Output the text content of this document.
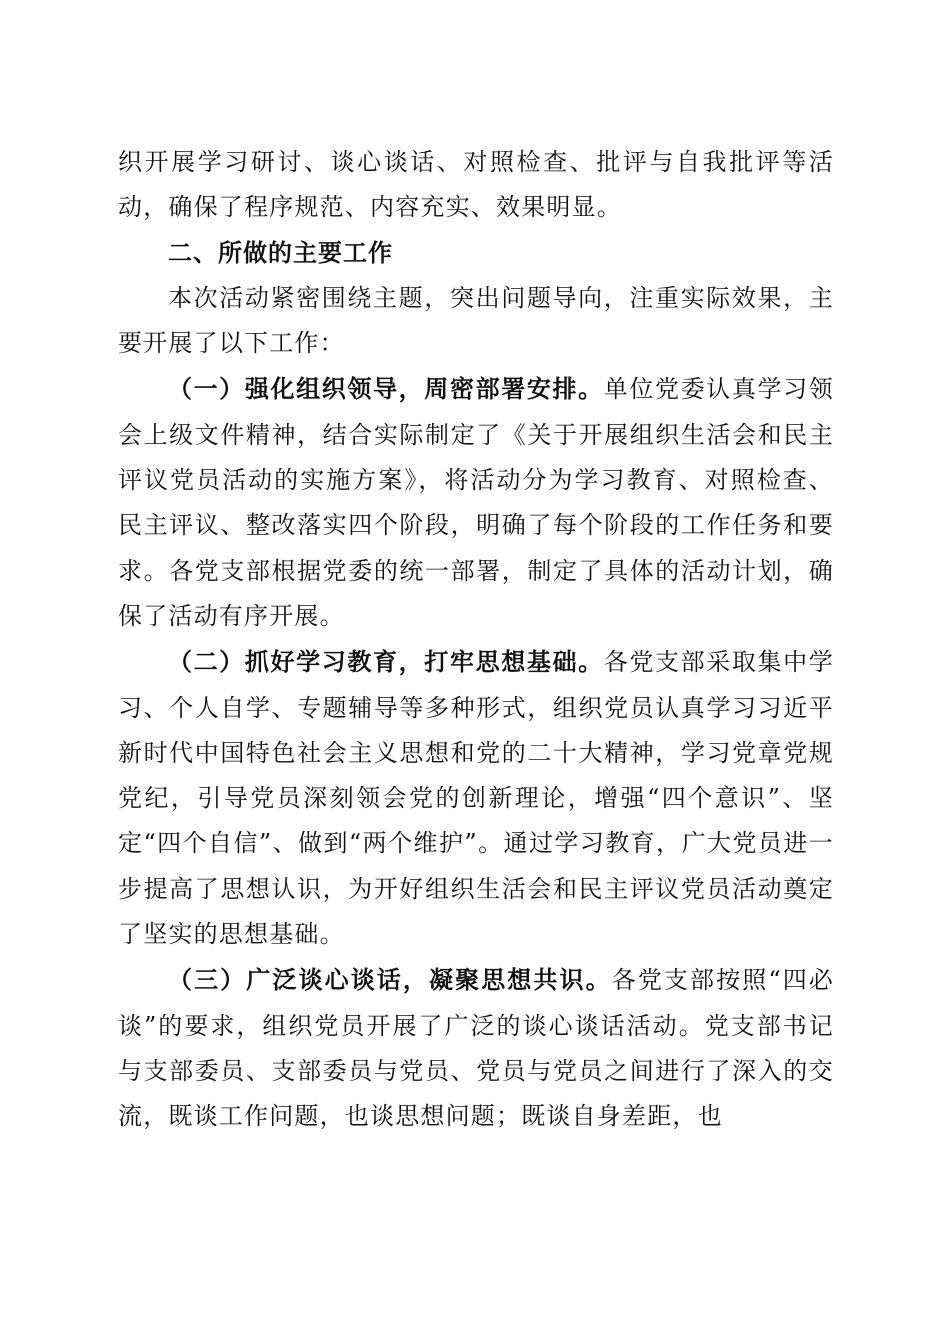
织开展学习研讨、谈心谈话、对照检查、批评与自我批评等活动，确保了程序规范、内容充实、效果明显。

二、所做的主要工作

本次活动紧密围绕主题，突出问题导向，注重实际效果，主要开展了以下工作：

（一）强化组织领导，周密部署安排。单位党委认真学习领会上级文件精神，结合实际制定了《关于开展组织生活会和民主评议党员活动的实施方案》，将活动分为学习教育、对照检查、民主评议、整改落实四个阶段，明确了每个阶段的工作任务和要求。各党支部根据党委的统一部署，制定了具体的活动计划，确保了活动有序开展。

（二）抓好学习教育，打牢思想基础。各党支部采取集中学习、个人自学、专题辅导等多种形式，组织党员认真学习习近平新时代中国特色社会主义思想和党的二十大精神，学习党章党规党纪，引导党员深刻领会党的创新理论，增强“四个意识”、坚定“四个自信”、做到“两个维护”。通过学习教育，广大党员进一步提高了思想认识，为开好组织生活会和民主评议党员活动奠定了坚实的思想基础。

（三）广泛谈心谈话，凝聚思想共识。各党支部按照“四必谈”的要求，组织党员开展了广泛的谈心谈话活动。党支部书记与支部委员、支部委员与党员、党员与党员之间进行了深入的交流，既谈工作问题，也谈思想问题；既谈自身差距，也
